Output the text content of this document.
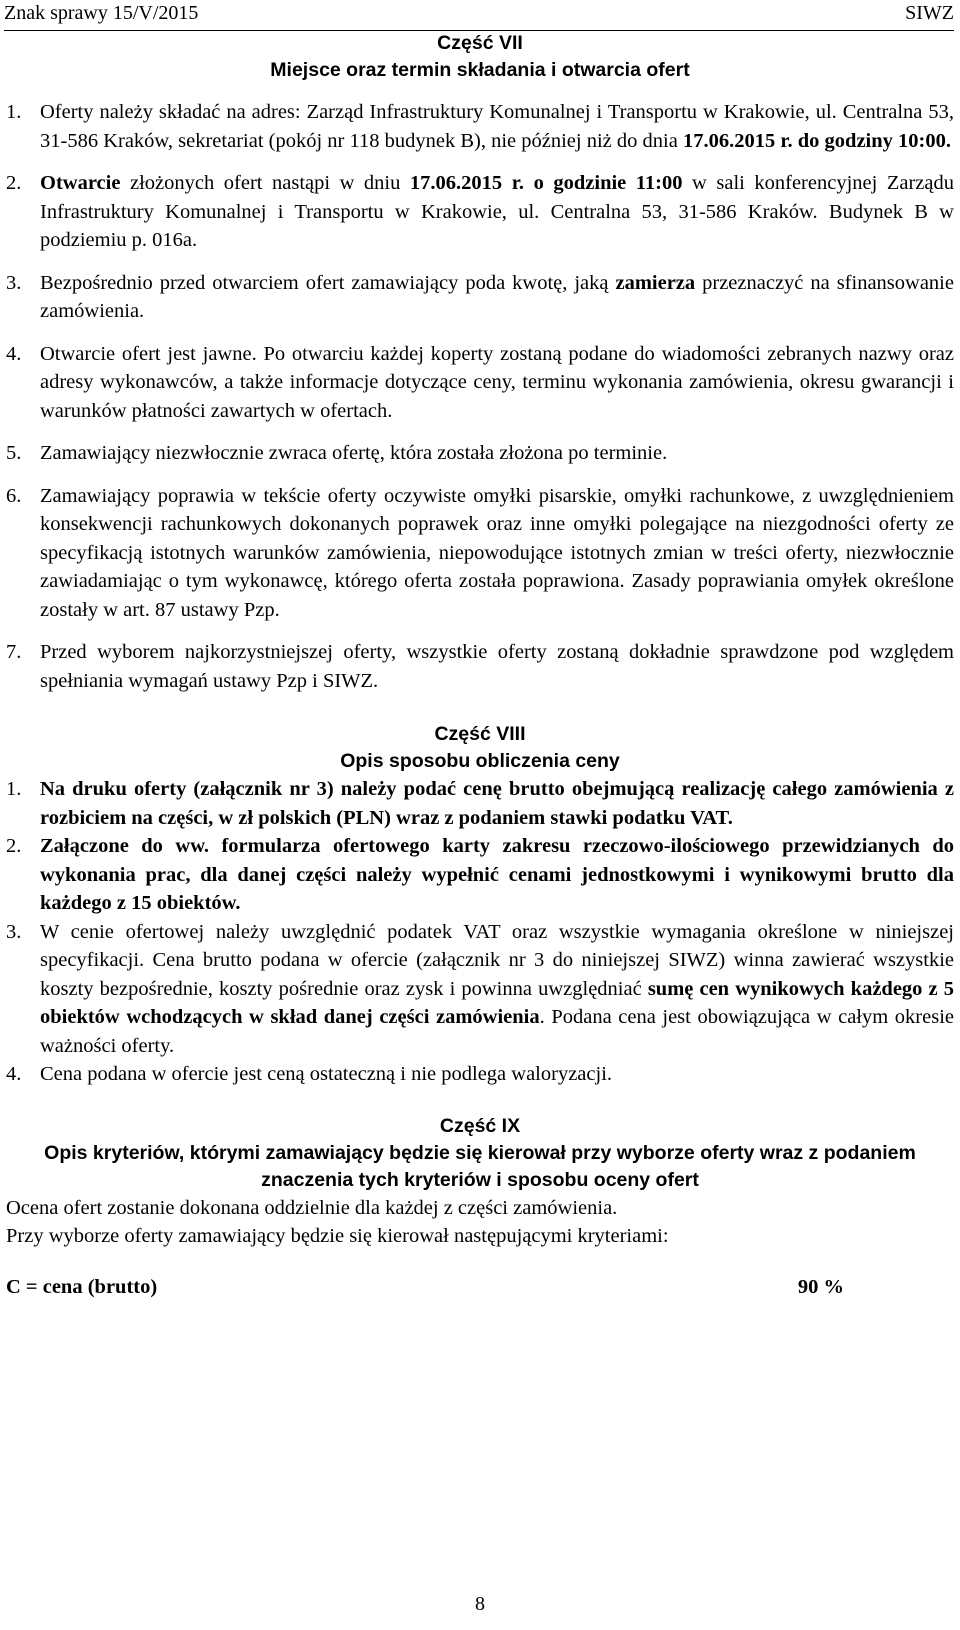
Znak sprawy 15/V/2015	SIWZ
Część VII
Miejsce oraz termin składania i otwarcia ofert
1. Oferty należy składać na adres: Zarząd Infrastruktury Komunalnej i Transportu w Krakowie, ul. Centralna 53, 31-586 Kraków, sekretariat (pokój nr 118 budynek B), nie później niż do dnia 17.06.2015 r. do godziny 10:00.
2. Otwarcie złożonych ofert nastąpi w dniu 17.06.2015 r. o godzinie 11:00 w sali konferencyjnej Zarządu Infrastruktury Komunalnej i Transportu w Krakowie, ul. Centralna 53, 31-586 Kraków. Budynek B w podziemiu p. 016a.
3. Bezpośrednio przed otwarciem ofert zamawiający poda kwotę, jaką zamierza przeznaczyć na sfinansowanie zamówienia.
4. Otwarcie ofert jest jawne. Po otwarciu każdej koperty zostaną podane do wiadomości zebranych nazwy oraz adresy wykonawców, a także informacje dotyczące ceny, terminu wykonania zamówienia, okresu gwarancji i warunków płatności zawartych w ofertach.
5. Zamawiający niezwłocznie zwraca ofertę, która została złożona po terminie.
6. Zamawiający poprawia w tekście oferty oczywiste omyłki pisarskie, omyłki rachunkowe, z uwzględnieniem konsekwencji rachunkowych dokonanych poprawek oraz inne omyłki polegające na niezgodności oferty ze specyfikacją istotnych warunków zamówienia, niepowodujące istotnych zmian w treści oferty, niezwłocznie zawiadamiając o tym wykonawcę, którego oferta została poprawiona. Zasady poprawiania omyłek określone zostały w art. 87 ustawy Pzp.
7. Przed wyborem najkorzystniejszej oferty, wszystkie oferty zostaną dokładnie sprawdzone pod względem spełniania wymagań ustawy Pzp i SIWZ.
Część VIII
Opis sposobu obliczenia ceny
1. Na druku oferty (załącznik nr 3) należy podać cenę brutto obejmującą realizację całego zamówienia z rozbiciem na części, w zł polskich (PLN) wraz z podaniem stawki podatku VAT.
2. Załączone do ww. formularza ofertowego karty zakresu rzeczowo-ilościowego przewidzianych do wykonania prac, dla danej części należy wypełnić cenami jednostkowymi i wynikowymi brutto dla każdego z 15 obiektów.
3. W cenie ofertowej należy uwzględnić podatek VAT oraz wszystkie wymagania określone w niniejszej specyfikacji. Cena brutto podana w ofercie (załącznik nr 3 do niniejszej SIWZ) winna zawierać wszystkie koszty bezpośrednie, koszty pośrednie oraz zysk i powinna uwzględniać sumę cen wynikowych każdego z 5 obiektów wchodzących w skład danej części zamówienia. Podana cena jest obowiązująca w całym okresie ważności oferty.
4. Cena podana w ofercie jest ceną ostateczną i nie podlega waloryzacji.
Część IX
Opis kryteriów, którymi zamawiający będzie się kierował przy wyborze oferty wraz z podaniem znaczenia tych kryteriów i sposobu oceny ofert
Ocena ofert zostanie dokonana oddzielnie dla każdej z części zamówienia.
Przy wyborze oferty zamawiający będzie się kierował następującymi kryteriami:
C = cena (brutto)	90 %
8
